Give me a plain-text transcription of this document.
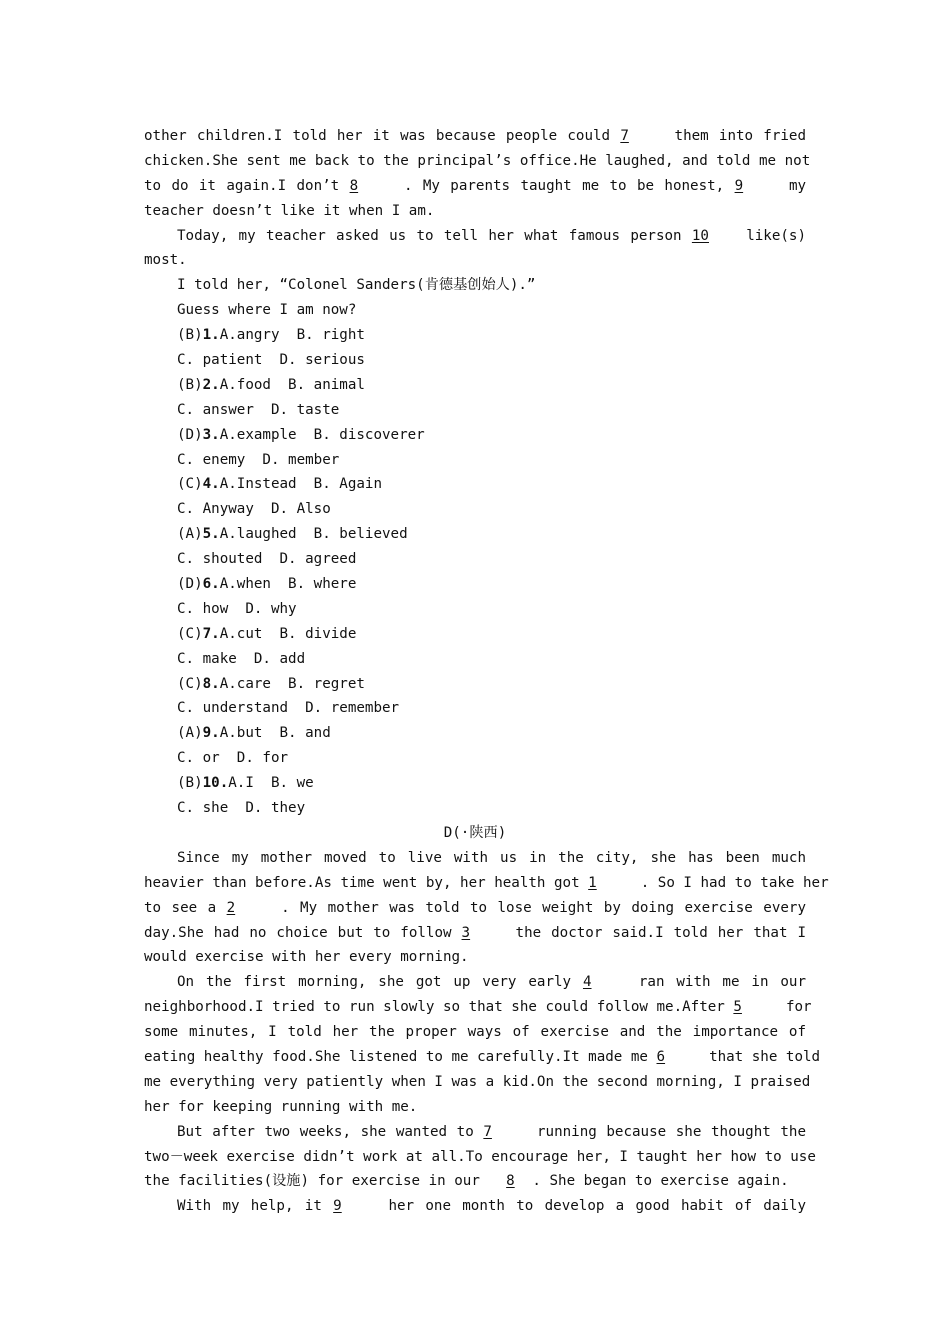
other children.I told her it was because people could 7	them into fried
chicken.She sent me back to the principal’s office.He laughed, and told me not
to do it again.I don’t 8	. My parents taught me to be honest, 9	my
teacher doesn’t like it when I am.
Today, my teacher asked us to tell her what famous person 10	like(s)
most.
I told her, “Colonel Sanders(肯德基创始人).”
Guess where I am now?
(B)1.A.angry  B. right
C. patient  D. serious
(B)2.A.food  B. animal
C. answer  D. taste
(D)3.A.example  B. discoverer
C. enemy  D. member
(C)4.A.Instead  B. Again
C. Anyway  D. Also
(A)5.A.laughed  B. believed
C. shouted  D. agreed
(D)6.A.when  B. where
C. how  D. why
(C)7.A.cut  B. divide
C. make  D. add
(C)8.A.care  B. regret
C. understand  D. remember
(A)9.A.but  B. and
C. or  D. for
(B)10.A.I  B. we
C. she  D. they
D(·陕西)
Since my mother moved to live with us in the city, she has been much
heavier than before.As time went by, her health got 1	. So I had to take her
to see a 2	. My mother was told to lose weight by doing exercise every
day.She had no choice but to follow 3	the doctor said.I told her that I
would exercise with her every morning.
On the first morning, she got up very early 4	ran with me in our
neighborhood.I tried to run slowly so that she could follow me.After 5	for
some minutes, I told her the proper ways of exercise and the importance of
eating healthy food.She listened to me carefully.It made me 6	that she told
me everything very patiently when I was a kid.On the second morning, I praised
her for keeping running with me.
But after two weeks, she wanted to 7	running because she thought the
two－week exercise didn’t work at all.To encourage her, I taught her how to use
the facilities(设施) for exercise in our 8 . She began to exercise again.
With my help, it 9	her one month to develop a good habit of daily
